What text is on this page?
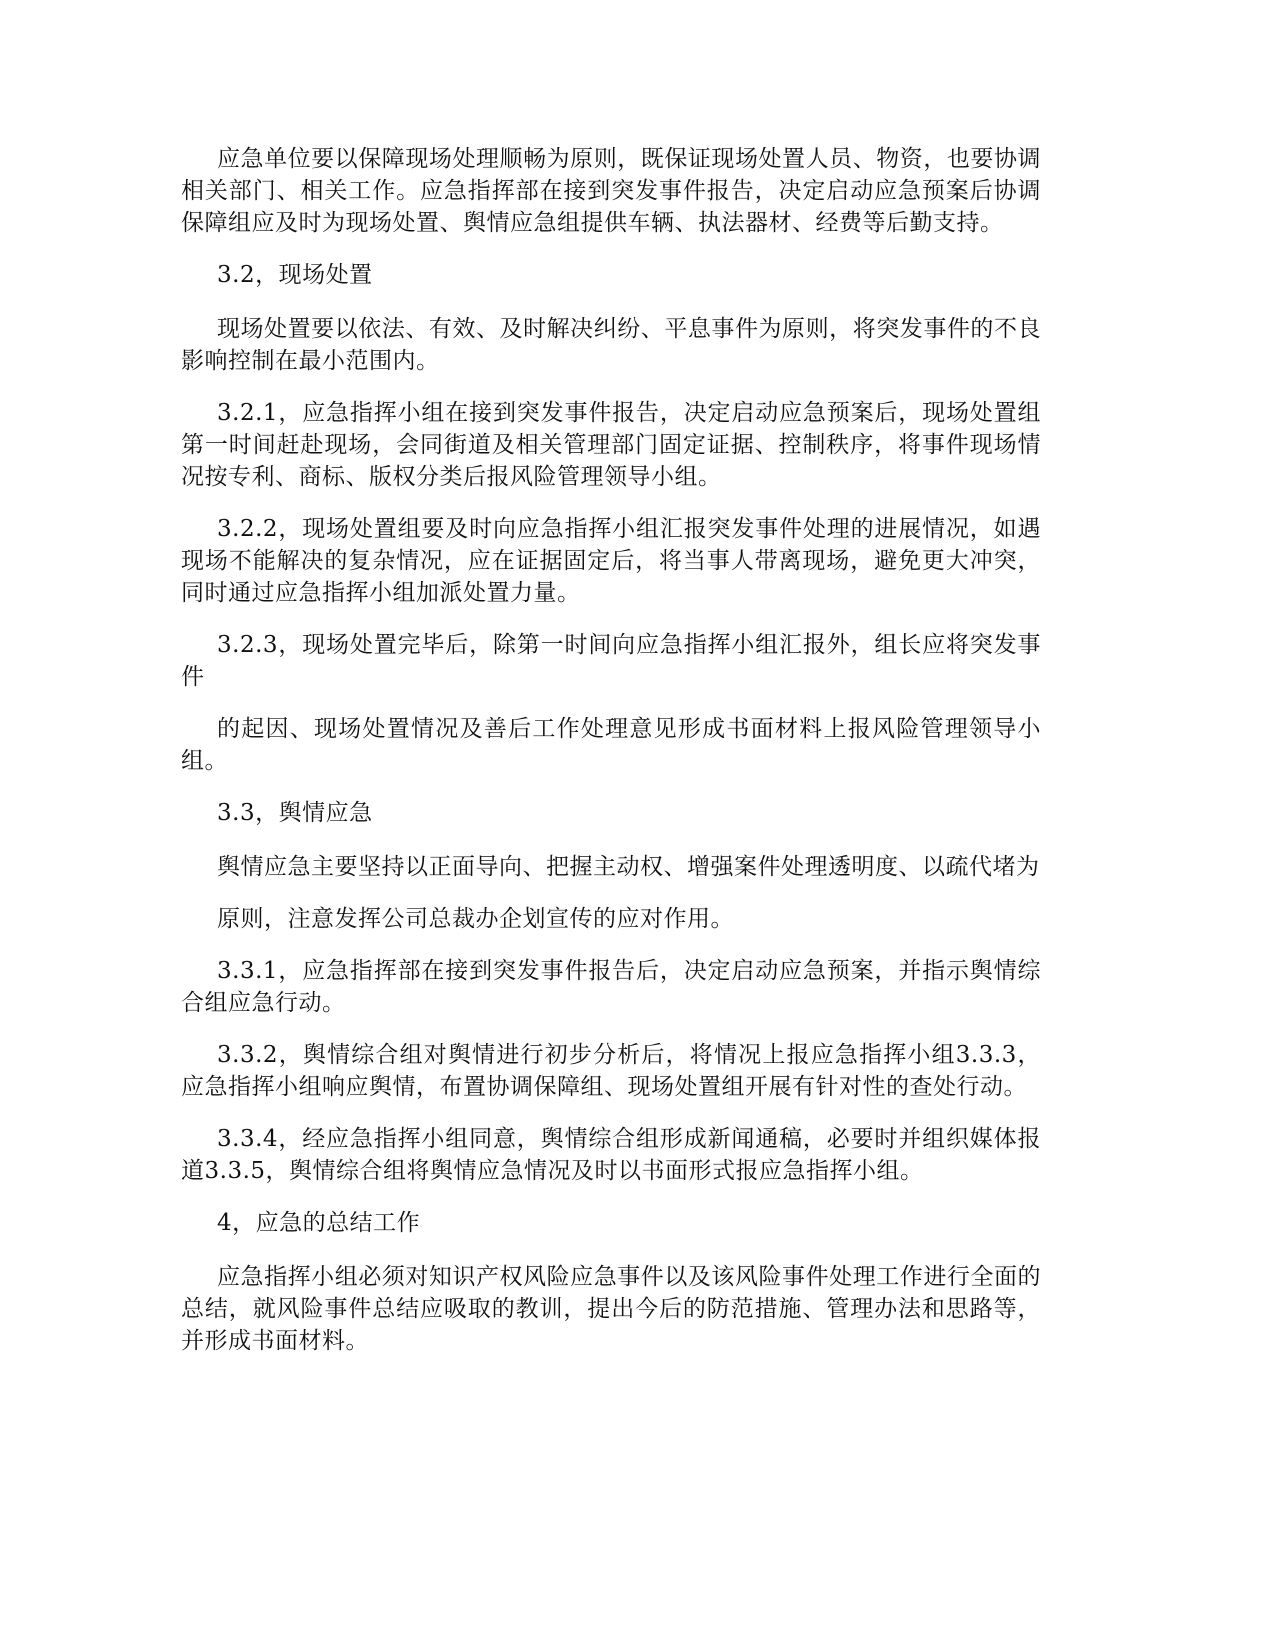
应急单位要以保障现场处理顺畅为原则，既保证现场处置人员、物资，也要协调相关部门、相关工作。应急指挥部在接到突发事件报告，决定启动应急预案后协调保障组应及时为现场处置、舆情应急组提供车辆、执法器材、经费等后勤支持。

3.2，现场处置

现场处置要以依法、有效、及时解决纠纷、平息事件为原则，将突发事件的不良影响控制在最小范围内。

3.2.1，应急指挥小组在接到突发事件报告，决定启动应急预案后，现场处置组第一时间赶赴现场，会同街道及相关管理部门固定证据、控制秩序，将事件现场情况按专利、商标、版权分类后报风险管理领导小组。

3.2.2，现场处置组要及时向应急指挥小组汇报突发事件处理的进展情况，如遇现场不能解决的复杂情况，应在证据固定后，将当事人带离现场，避免更大冲突，同时通过应急指挥小组加派处置力量。

3.2.3，现场处置完毕后，除第一时间向应急指挥小组汇报外，组长应将突发事件

的起因、现场处置情况及善后工作处理意见形成书面材料上报风险管理领导小组。

3.3，舆情应急

舆情应急主要坚持以正面导向、把握主动权、增强案件处理透明度、以疏代堵为

原则，注意发挥公司总裁办企划宣传的应对作用。

3.3.1，应急指挥部在接到突发事件报告后，决定启动应急预案，并指示舆情综合组应急行动。

3.3.2，舆情综合组对舆情进行初步分析后，将情况上报应急指挥小组3.3.3，应急指挥小组响应舆情，布置协调保障组、现场处置组开展有针对性的查处行动。

3.3.4，经应急指挥小组同意，舆情综合组形成新闻通稿，必要时并组织媒体报道3.3.5，舆情综合组将舆情应急情况及时以书面形式报应急指挥小组。

4，应急的总结工作

应急指挥小组必须对知识产权风险应急事件以及该风险事件处理工作进行全面的总结，就风险事件总结应吸取的教训，提出今后的防范措施、管理办法和思路等，并形成书面材料。
